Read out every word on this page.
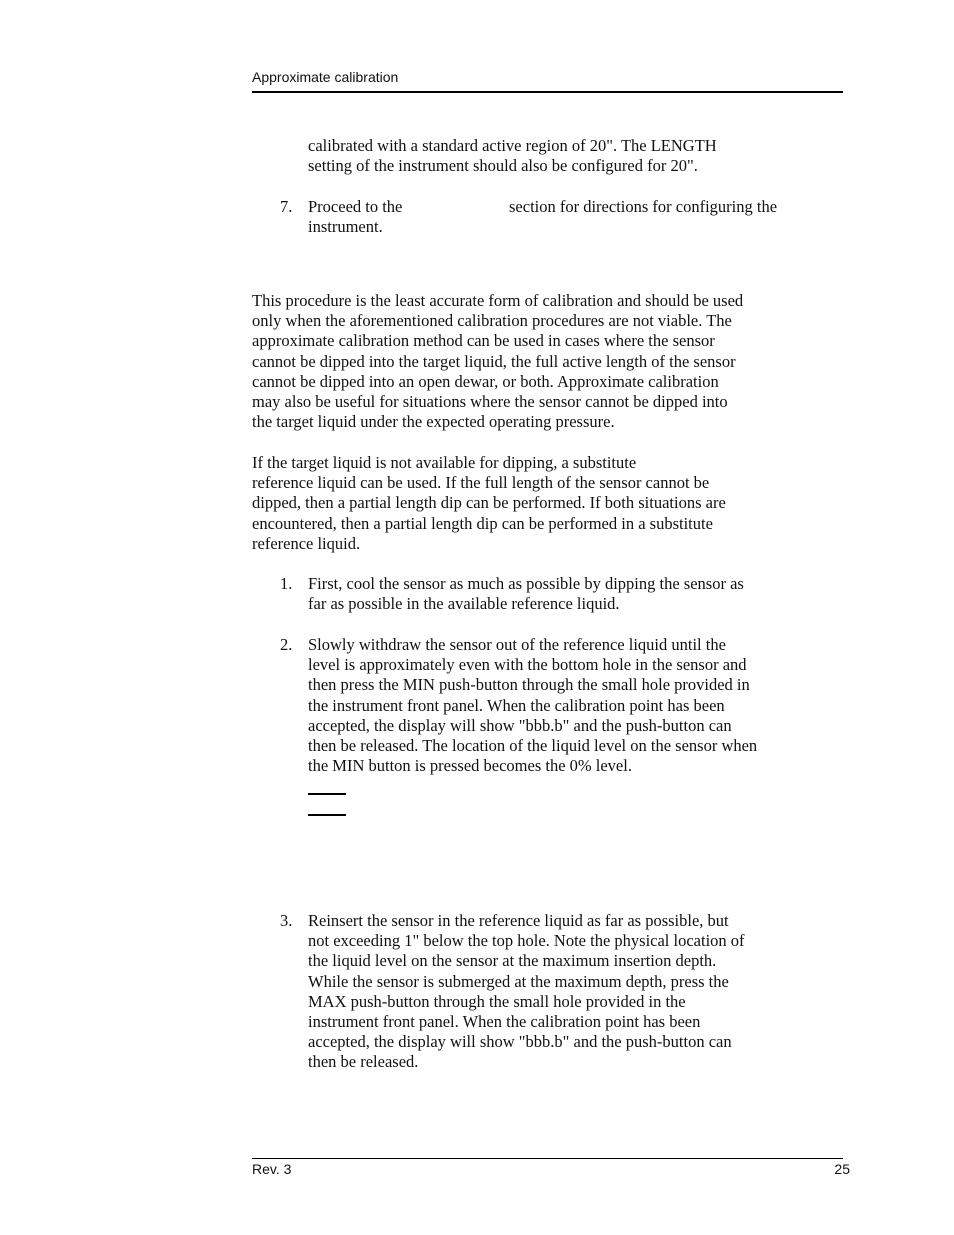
Approximate calibration
calibrated with a standard active region of 20". The LENGTH
setting of the instrument should also be configured for 20".
7. Proceed to the	section for directions for configuring the
instrument.
This procedure is the least accurate form of calibration and should be used
only when the aforementioned calibration procedures are not viable. The
approximate calibration method can be used in cases where the sensor
cannot be dipped into the target liquid, the full active length of the sensor
cannot be dipped into an open dewar, or both. Approximate calibration
may also be useful for situations where the sensor cannot be dipped into
the target liquid under the expected operating pressure.
If the target liquid is not available for dipping, a substitute
reference liquid can be used. If the full length of the sensor cannot be
dipped, then a partial length dip can be performed. If both situations are
encountered, then a partial length dip can be performed in a substitute
reference liquid.
1. First, cool the sensor as much as possible by dipping the sensor as
far as possible in the available reference liquid.
2. Slowly withdraw the sensor out of the reference liquid until the
level is approximately even with the bottom hole in the sensor and
then press the MIN push-button through the small hole provided in
the instrument front panel. When the calibration point has been
accepted, the display will show "bbb.b" and the push-button can
then be released. The location of the liquid level on the sensor when
the MIN button is pressed becomes the 0% level.
3. Reinsert the sensor in the reference liquid as far as possible, but
not exceeding 1" below the top hole. Note the physical location of
the liquid level on the sensor at the maximum insertion depth.
While the sensor is submerged at the maximum depth, press the
MAX push-button through the small hole provided in the
instrument front panel. When the calibration point has been
accepted, the display will show "bbb.b" and the push-button can
then be released.
Rev. 3	25
